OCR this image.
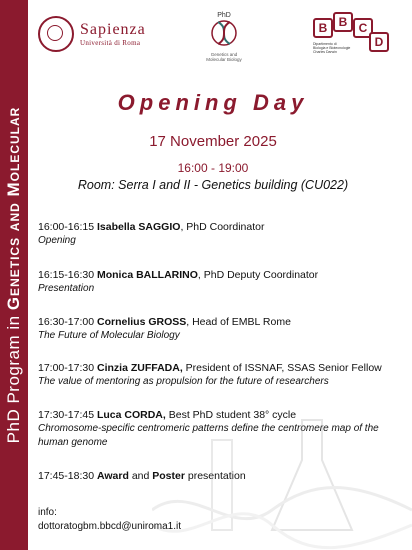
PhD Program in Genetics and Molecular
Sapienza
Università di Roma
PhD
Genetics and
Molecular Biology
B B C
D
Dipartimento di
Biologia e Biotecnologie
Charles Darwin
Opening Day
17 November 2025
16:00 - 19:00
Room: Serra I and II - Genetics building (CU022)
16:00-16:15 Isabella SAGGIO, PhD Coordinator
Opening
16:15-16:30 Monica BALLARINO, PhD Deputy Coordinator
Presentation
16:30-17:00 Cornelius GROSS, Head of EMBL Rome
The Future of Molecular Biology
17:00-17:30 Cinzia ZUFFADA, President of ISSNAF, SSAS Senior Fellow
The value of mentoring as propulsion for the future of researchers
17:30-17:45 Luca CORDA, Best PhD student 38° cycle
Chromosome-specific centromeric patterns define the centromere map of the human genome
17:45-18:30 Award and Poster presentation
info:
dottoratogbm.bbcd@uniroma1.it
